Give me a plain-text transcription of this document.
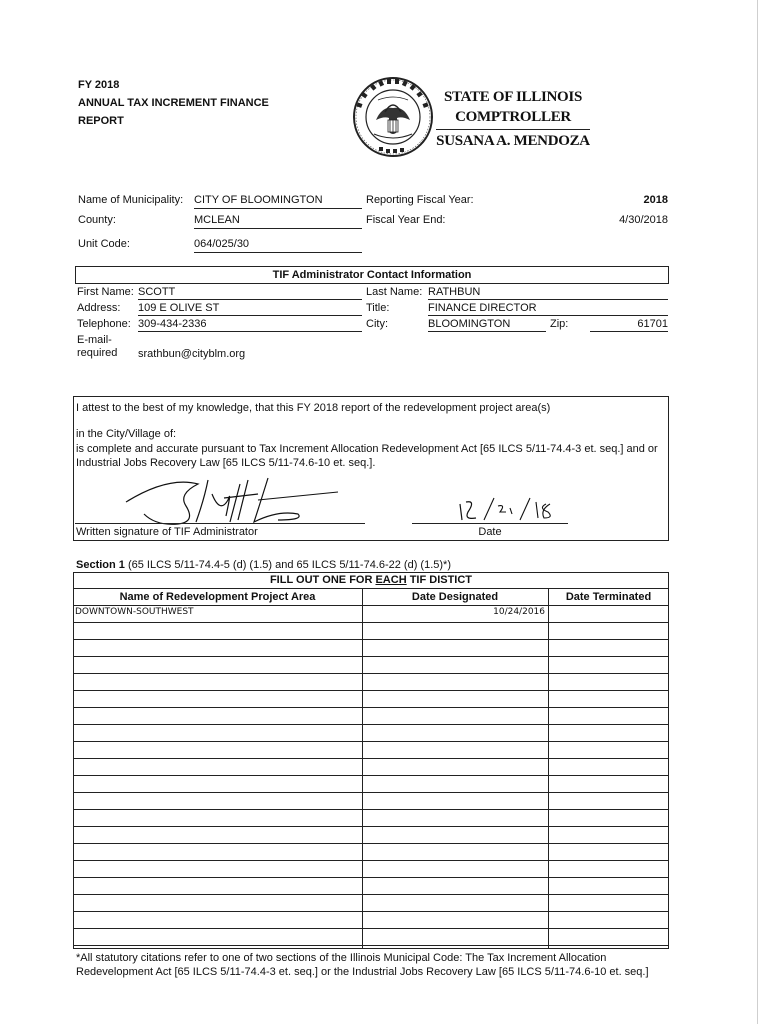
FY 2018
ANNUAL TAX INCREMENT FINANCE
REPORT
STATE OF ILLINOIS
COMPTROLLER
SUSANA A. MENDOZA
Name of Municipality: CITY OF BLOOMINGTON	Reporting Fiscal Year:	2018
County:	MCLEAN	Fiscal Year End:	4/30/2018
Unit Code:	064/025/30
TIF Administrator Contact Information
First Name: SCOTT	Last Name: RATHBUN
Address: 109 E OLIVE ST	Title:	FINANCE DIRECTOR
Telephone: 309-434-2336	City:	BLOOMINGTON	Zip:	61701
E-mail-
required srathbun@cityblm.org
I attest to the best of my knowledge, that this FY 2018 report of the redevelopment project area(s)
in the City/Village of:
is complete and accurate pursuant to Tax Increment Allocation Redevelopment Act [65 ILCS 5/11-74.4-3 et. seq.] and or
Industrial Jobs Recovery Law [65 ILCS 5/11-74.6-10 et. seq.].
Written signature of TIF Administrator	Date
Section 1 (65 ILCS 5/11-74.4-5 (d) (1.5) and 65 ILCS 5/11-74.6-22 (d) (1.5)*)
FILL OUT ONE FOR EACH TIF DISTICT
Name of Redevelopment Project Area	Date Designated	Date Terminated
DOWNTOWN-SOUTHWEST	10/24/2016
*All statutory citations refer to one of two sections of the Illinois Municipal Code: The Tax Increment Allocation
Redevelopment Act [65 ILCS 5/11-74.4-3 et. seq.] or the Industrial Jobs Recovery Law [65 ILCS 5/11-74.6-10 et. seq.]
